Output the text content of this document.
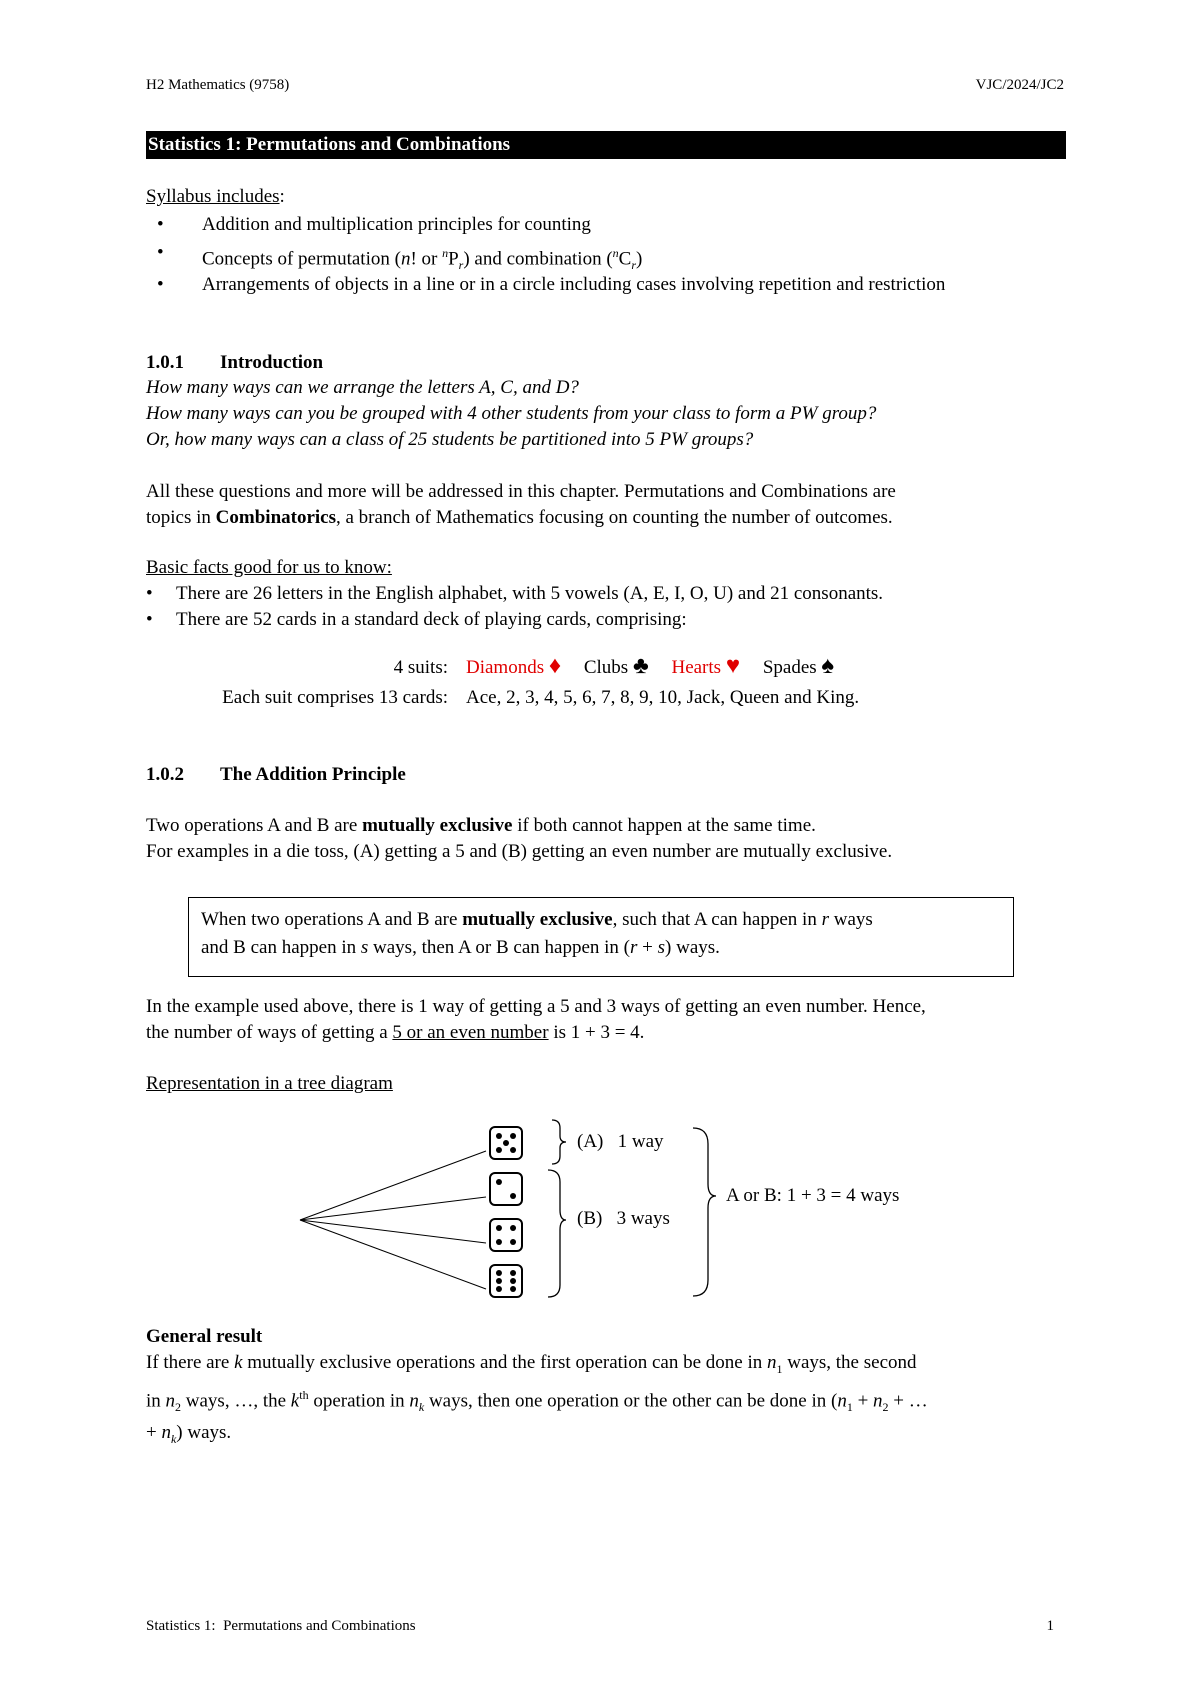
H2 Mathematics (9758)	VJC/2024/JC2
Statistics 1: Permutations and Combinations
Syllabus includes:
• Addition and multiplication principles for counting
• Concepts of permutation (n! or $^nP_r$) and combination $(^nC_r)$
• Arrangements of objects in a line or in a circle including cases involving repetition and restriction
1.0.1 Introduction
How many ways can we arrange the letters A, C, and D?
How many ways can you be grouped with 4 other students from your class to form a PW group?
Or, how many ways can a class of 25 students be partitioned into 5 PW groups?
All these questions and more will be addressed in this chapter. Permutations and Combinations are
topics in Combinatorics, a branch of Mathematics focusing on counting the number of outcomes.
Basic facts good for us to know:
• There are 26 letters in the English alphabet, with 5 vowels (A, E, I, O, U) and 21 consonants.
• There are 52 cards in a standard deck of playing cards, comprising:
4 suits: Diamonds ♦ Clubs ♣ Hearts ♥ Spades ♠
Each suit comprises 13 cards: Ace, 2, 3, 4, 5, 6, 7, 8, 9, 10, Jack, Queen and King.
1.0.2 The Addition Principle
Two operations A and B are mutually exclusive if both cannot happen at the same time.
For examples in a die toss, (A) getting a 5 and (B) getting an even number are mutually exclusive.
When two operations A and B are mutually exclusive, such that A can happen in r ways
and B can happen in s ways, then A or B can happen in (r + s) ways.
In the example used above, there is 1 way of getting a 5 and 3 ways of getting an even number. Hence,
the number of ways of getting a 5 or an even number is 1 + 3 = 4.
Representation in a tree diagram
(A)   1 way
(B)   3 ways
A or B: 1 + 3 = 4 ways
General result
If there are k mutually exclusive operations and the first operation can be done in $n_1$ ways, the second
in $n_2$ ways, …, the $k^{th}$ operation in $n_k$ ways, then one operation or the other can be done in ($n_1 + n_2$ + …
+ $n_k$) ways.
Statistics 1:  Permutations and Combinations	1
